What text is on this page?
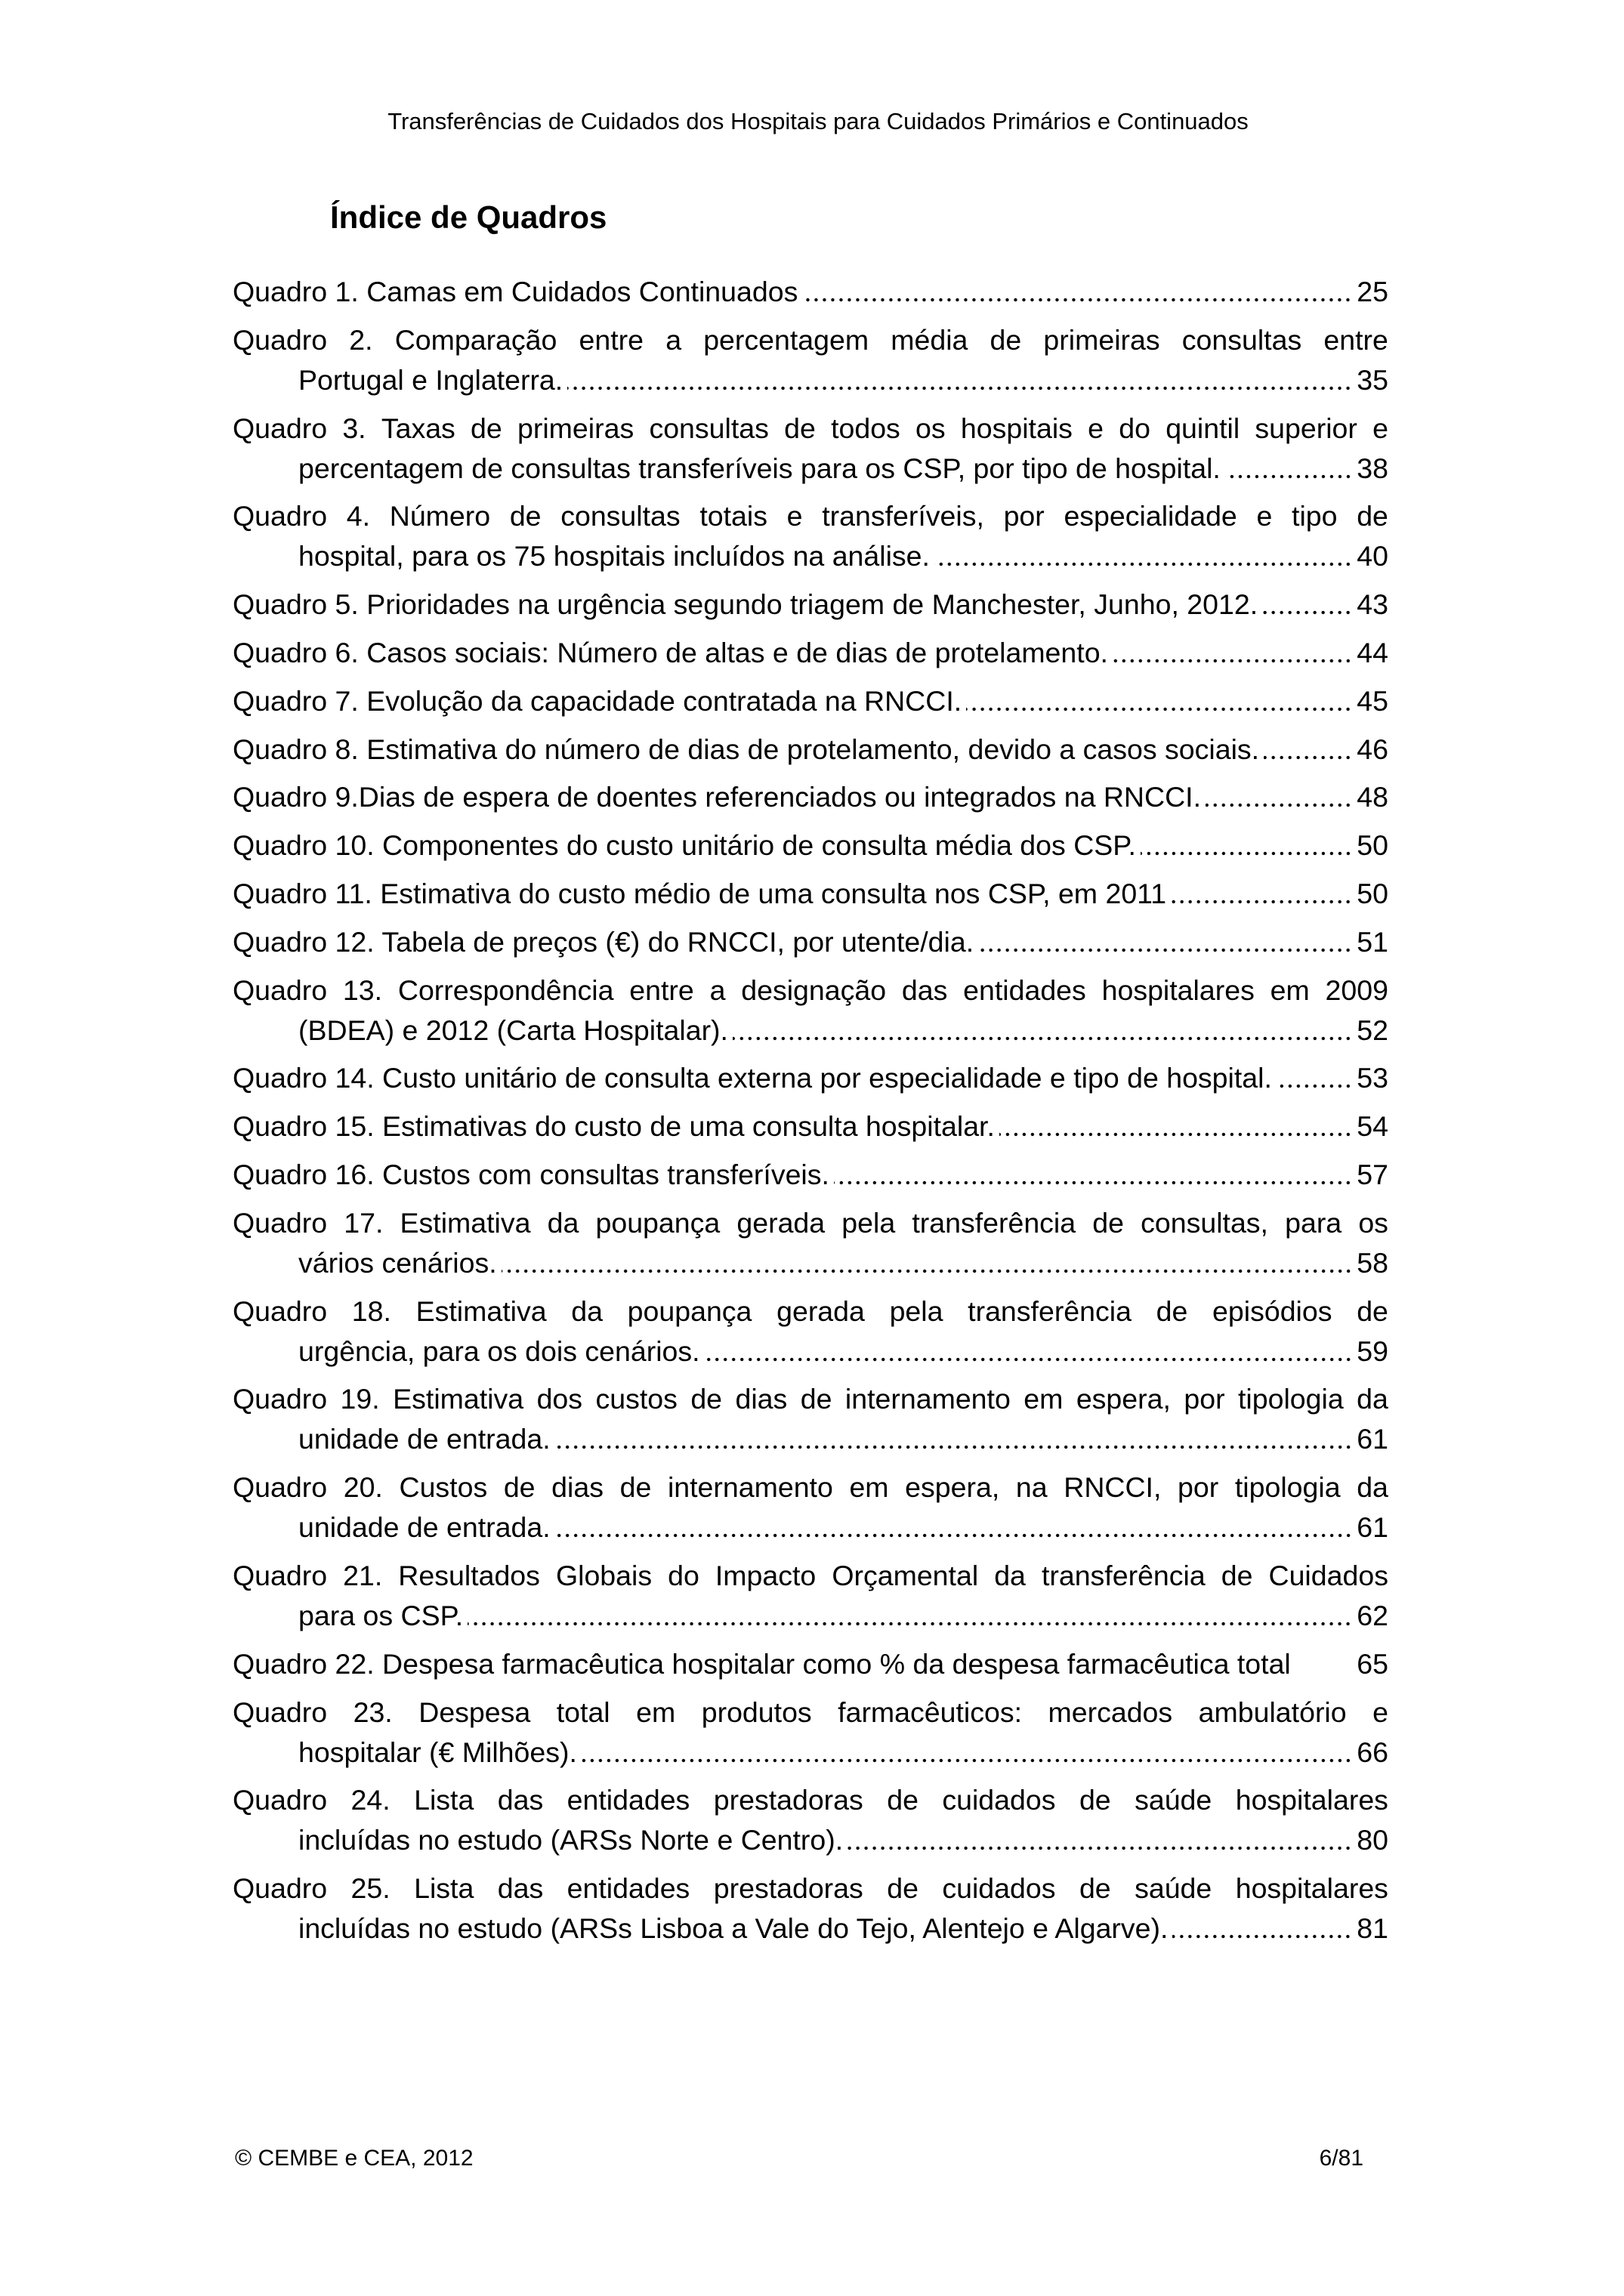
Transferências de Cuidados dos Hospitais para Cuidados Primários e Continuados
Índice de Quadros
Quadro 1. Camas em Cuidados Continuados	25
Quadro 2. Comparação entre a percentagem média de primeiras consultas entre
Portugal e Inglaterra.	35
Quadro 3. Taxas de primeiras consultas de todos os hospitais e do quintil superior e
percentagem de consultas transferíveis para os CSP, por tipo de hospital.	38
Quadro 4. Número de consultas totais e transferíveis, por especialidade e tipo de
hospital, para os 75 hospitais incluídos na análise.	40
Quadro 5. Prioridades na urgência segundo triagem de Manchester, Junho, 2012.	43
Quadro 6. Casos sociais: Número de altas e de dias de protelamento.	44
Quadro 7. Evolução da capacidade contratada na RNCCI.	45
Quadro 8. Estimativa do número de dias de protelamento, devido a casos sociais.	46
Quadro 9.Dias de espera de doentes referenciados ou integrados na RNCCI.	48
Quadro 10. Componentes do custo unitário de consulta média dos CSP.	50
Quadro 11. Estimativa do custo médio de uma consulta nos CSP, em 2011	50
Quadro 12. Tabela de preços (€) do RNCCI, por utente/dia.	51
Quadro 13. Correspondência entre a designação das entidades hospitalares em 2009
(BDEA) e 2012 (Carta Hospitalar).	52
Quadro 14. Custo unitário de consulta externa por especialidade e tipo de hospital.	53
Quadro 15. Estimativas do custo de uma consulta hospitalar.	54
Quadro 16. Custos com consultas transferíveis.	57
Quadro 17. Estimativa da poupança gerada pela transferência de consultas, para os
vários cenários.	58
Quadro 18. Estimativa da poupança gerada pela transferência de episódios de
urgência, para os dois cenários.	59
Quadro 19. Estimativa dos custos de dias de internamento em espera, por tipologia da
unidade de entrada.	61
Quadro 20. Custos de dias de internamento em espera, na RNCCI, por tipologia da
unidade de entrada.	61
Quadro 21. Resultados Globais do Impacto Orçamental da transferência de Cuidados
para os CSP.	62
Quadro 22. Despesa farmacêutica hospitalar como % da despesa farmacêutica total 65
Quadro 23. Despesa total em produtos farmacêuticos: mercados ambulatório e
hospitalar (€ Milhões).	66
Quadro 24. Lista das entidades prestadoras de cuidados de saúde hospitalares
incluídas no estudo (ARSs Norte e Centro).	80
Quadro 25. Lista das entidades prestadoras de cuidados de saúde hospitalares
incluídas no estudo (ARSs Lisboa a Vale do Tejo, Alentejo e Algarve).	81
© CEMBE e CEA, 2012	6/81
